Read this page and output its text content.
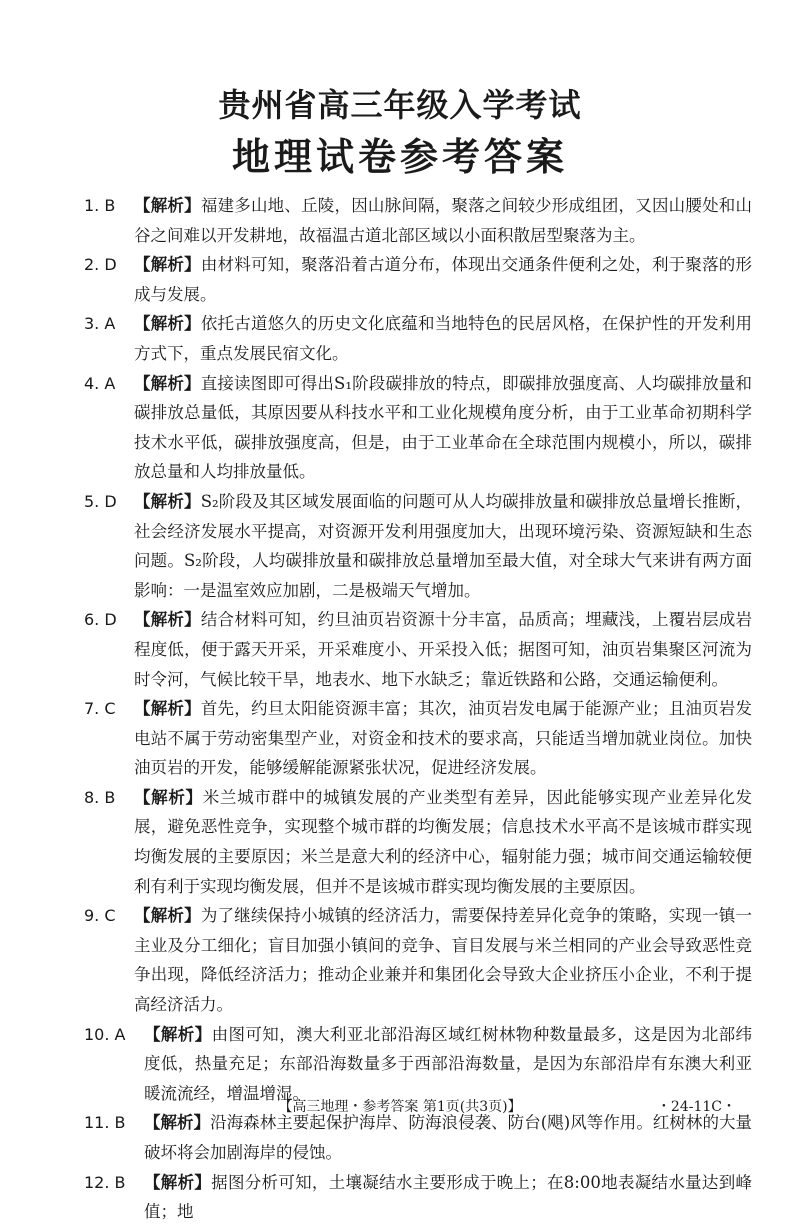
贵州省高三年级入学考试
地理试卷参考答案
1. B 【解析】福建多山地、丘陵，因山脉间隔，聚落之间较少形成组团，又因山腰处和山谷之间难以开发耕地，故福温古道北部区域以小面积散居型聚落为主。
2. D 【解析】由材料可知，聚落沿着古道分布，体现出交通条件便利之处，利于聚落的形成与发展。
3. A 【解析】依托古道悠久的历史文化底蕴和当地特色的民居风格，在保护性的开发利用方式下，重点发展民宿文化。
4. A 【解析】直接读图即可得出S₁阶段碳排放的特点，即碳排放强度高、人均碳排放量和碳排放总量低，其原因要从科技水平和工业化规模角度分析，由于工业革命初期科学技术水平低，碳排放强度高，但是，由于工业革命在全球范围内规模小，所以，碳排放总量和人均排放量低。
5. D 【解析】S₂阶段及其区域发展面临的问题可从人均碳排放量和碳排放总量增长推断，社会经济发展水平提高，对资源开发利用强度加大，出现环境污染、资源短缺和生态问题。S₂阶段，人均碳排放量和碳排放总量增加至最大值，对全球大气来讲有两方面影响：一是温室效应加剧，二是极端天气增加。
6. D 【解析】结合材料可知，约旦油页岩资源十分丰富，品质高；埋藏浅，上覆岩层成岩程度低，便于露天开采，开采难度小、开采投入低；据图可知，油页岩集聚区河流为时令河，气候比较干旱，地表水、地下水缺乏；靠近铁路和公路，交通运输便利。
7. C 【解析】首先，约旦太阳能资源丰富；其次，油页岩发电属于能源产业；且油页岩发电站不属于劳动密集型产业，对资金和技术的要求高，只能适当增加就业岗位。加快油页岩的开发，能够缓解能源紧张状况，促进经济发展。
8. B 【解析】米兰城市群中的城镇发展的产业类型有差异，因此能够实现产业差异化发展，避免恶性竞争，实现整个城市群的均衡发展；信息技术水平高不是该城市群实现均衡发展的主要原因；米兰是意大利的经济中心，辐射能力强；城市间交通运输较便利有利于实现均衡发展，但并不是该城市群实现均衡发展的主要原因。
9. C 【解析】为了继续保持小城镇的经济活力，需要保持差异化竞争的策略，实现一镇一主业及分工细化；盲目加强小镇间的竞争、盲目发展与米兰相同的产业会导致恶性竞争出现，降低经济活力；推动企业兼并和集团化会导致大企业挤压小企业，不利于提高经济活力。
10. A 【解析】由图可知，澳大利亚北部沿海区域红树林物种数量最多，这是因为北部纬度低，热量充足；东部沿海数量多于西部沿海数量，是因为东部沿岸有东澳大利亚暖流流经，增温增湿。
11. B 【解析】沿海森林主要起保护海岸、防海浪侵袭、防台(飓)风等作用。红树林的大量破坏将会加剧海岸的侵蚀。
12. B 【解析】据图分析可知，土壤凝结水主要形成于晚上；在8:00地表凝结水量达到峰值；地
【高三地理・参考答案 第1页(共3页)】	・24-11C・
